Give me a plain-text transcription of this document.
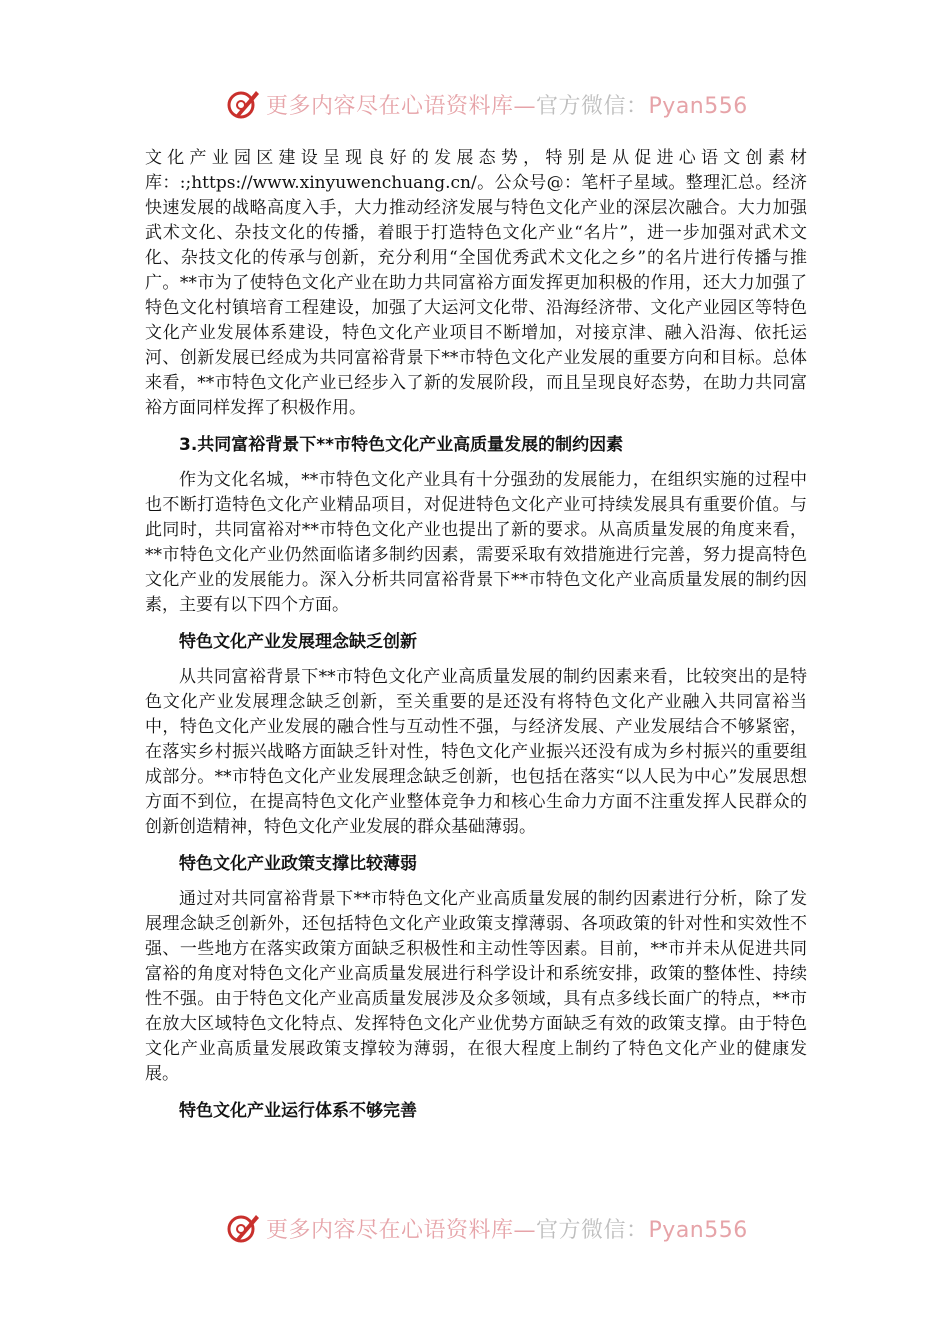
更多内容尽在心语资料库—官方微信：Pyan556

文化产业园区建设呈现良好的发展态势，特别是从促进心语文创素材库：:;https://www.xinyuwenchuang.cn/。公众号@：笔杆子星域。整理汇总。经济快速发展的战略高度入手，大力推动经济发展与特色文化产业的深层次融合。大力加强武术文化、杂技文化的传播，着眼于打造特色文化产业“名片”，进一步加强对武术文化、杂技文化的传承与创新，充分利用“全国优秀武术文化之乡”的名片进行传播与推广。**市为了使特色文化产业在助力共同富裕方面发挥更加积极的作用，还大力加强了特色文化村镇培育工程建设，加强了大运河文化带、沿海经济带、文化产业园区等特色文化产业发展体系建设，特色文化产业项目不断增加，对接京津、融入沿海、依托运河、创新发展已经成为共同富裕背景下**市特色文化产业发展的重要方向和目标。总体来看，**市特色文化产业已经步入了新的发展阶段，而且呈现良好态势，在助力共同富裕方面同样发挥了积极作用。

3.共同富裕背景下**市特色文化产业高质量发展的制约因素

作为文化名城，**市特色文化产业具有十分强劲的发展能力，在组织实施的过程中也不断打造特色文化产业精品项目，对促进特色文化产业可持续发展具有重要价值。与此同时，共同富裕对**市特色文化产业也提出了新的要求。从高质量发展的角度来看，**市特色文化产业仍然面临诸多制约因素，需要采取有效措施进行完善，努力提高特色文化产业的发展能力。深入分析共同富裕背景下**市特色文化产业高质量发展的制约因素，主要有以下四个方面。

特色文化产业发展理念缺乏创新

从共同富裕背景下**市特色文化产业高质量发展的制约因素来看，比较突出的是特色文化产业发展理念缺乏创新，至关重要的是还没有将特色文化产业融入共同富裕当中，特色文化产业发展的融合性与互动性不强，与经济发展、产业发展结合不够紧密，在落实乡村振兴战略方面缺乏针对性，特色文化产业振兴还没有成为乡村振兴的重要组成部分。**市特色文化产业发展理念缺乏创新，也包括在落实“以人民为中心”发展思想方面不到位，在提高特色文化产业整体竞争力和核心生命力方面不注重发挥人民群众的创新创造精神，特色文化产业发展的群众基础薄弱。

特色文化产业政策支撑比较薄弱

通过对共同富裕背景下**市特色文化产业高质量发展的制约因素进行分析，除了发展理念缺乏创新外，还包括特色文化产业政策支撑薄弱、各项政策的针对性和实效性不强、一些地方在落实政策方面缺乏积极性和主动性等因素。目前，**市并未从促进共同富裕的角度对特色文化产业高质量发展进行科学设计和系统安排，政策的整体性、持续性不强。由于特色文化产业高质量发展涉及众多领域，具有点多线长面广的特点，**市在放大区域特色文化特点、发挥特色文化产业优势方面缺乏有效的政策支撑。由于特色文化产业高质量发展政策支撑较为薄弱，在很大程度上制约了特色文化产业的健康发展。

特色文化产业运行体系不够完善
更多内容尽在心语资料库—官方微信：Pyan556
